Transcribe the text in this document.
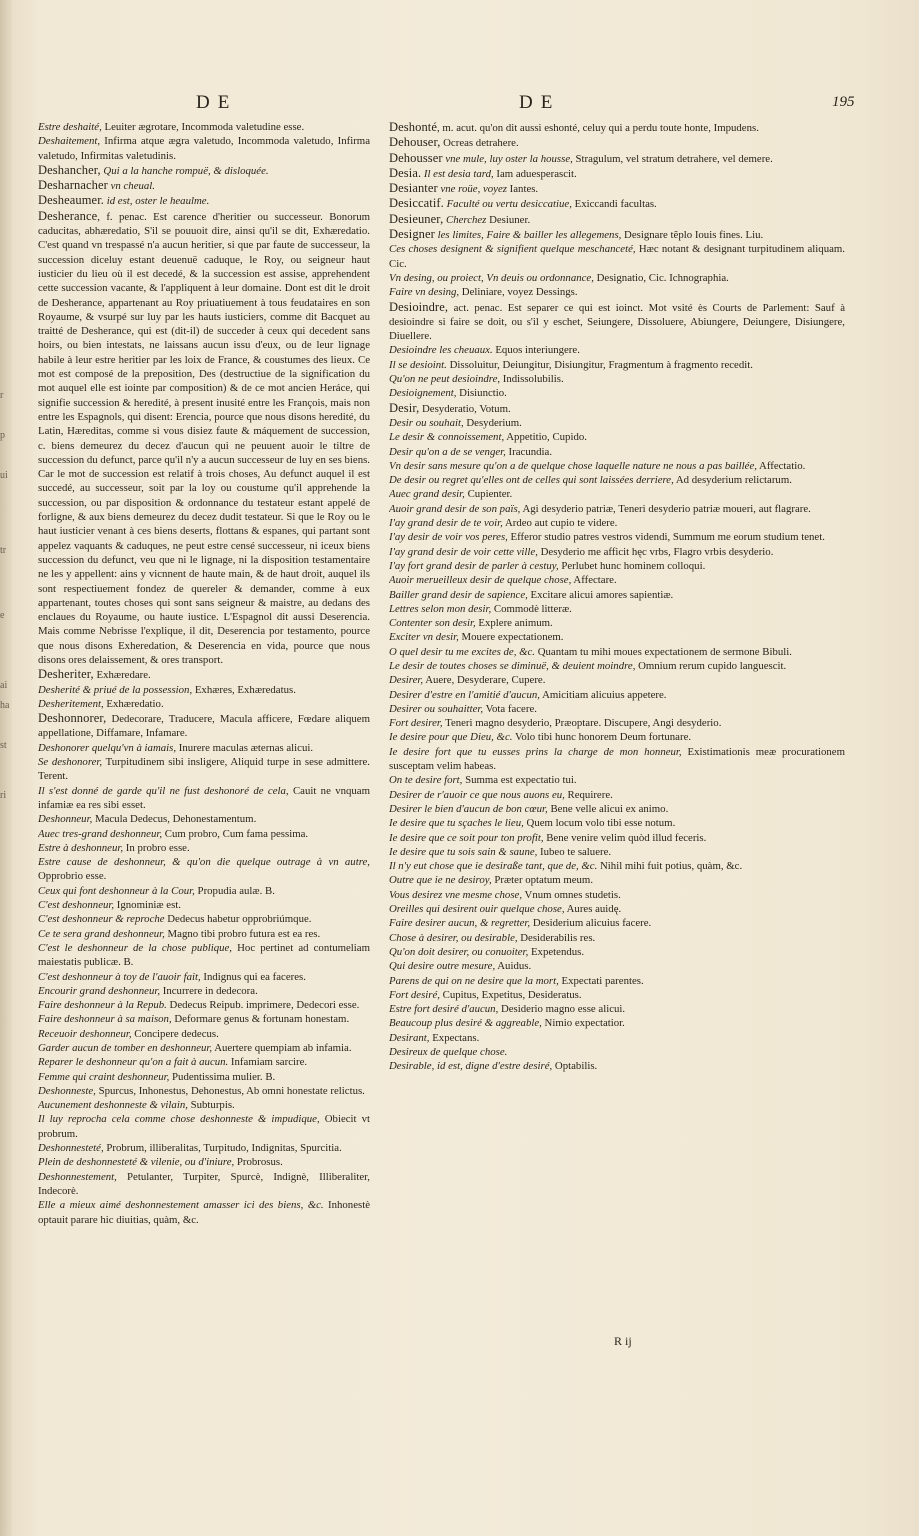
r
p
ui
tr
e
ai
ha
st
ri
DE	DE	195

Estre deshaité, Leuiter ægrotare, Incommoda valetudine esse.

Deshaitement, Infirma atque ægra valetudo, Incommoda valetudo, Infirma valetudo, Infirmitas valetudinis.

Deshancher, Qui a la hanche rompuë, & disloquée.

Desharnacher vn cheual.

Desheaumer. id est, oster le heaulme.

Desherance, f. penac. Est carence d'heritier ou successeur. Bonorum caducitas, abhæredatio, S'il se pouuoit dire, ainsi qu'il se dit, Exhæredatio. C'est quand vn trespassé n'a aucun heritier, si que par faute de successeur, la succession diceluy estant deuenuë caduque, le Roy, ou seigneur haut iusticier du lieu où il est decedé, & la succession est assise, apprehendent cette succession vacante, & l'appliquent à leur domaine. Dont est dit le droit de Desherance, appartenant au Roy priuatiuement à tous feudataires en son Royaume, & vsurpé sur luy par les hauts iusticiers, comme dit Bacquet au traitté de Desherance, qui est (dit-il) de succeder à ceux qui decedent sans hoirs, ou bien intestats, ne laissans aucun issu d'eux, ou de leur lignage habile à leur estre heritier par les loix de France, & coustumes des lieux. Ce mot est composé de la preposition, Des (destructiue de la signification du mot auquel elle est iointe par composition) & de ce mot ancien Heráce, qui signifie succession & heredité, à present inusité entre les François, mais non entre les Espagnols, qui disent: Erencia, pource que nous disons heredité, du Latin, Hæreditas, comme si vous disiez faute & máquement de succession, c. biens demeurez du decez d'aucun qui ne peuuent auoir le tiltre de succession du defunct, parce qu'il n'y a aucun successeur de luy en ses biens. Car le mot de succession est relatif à trois choses, Au defunct auquel il est succedé, au successeur, soit par la loy ou coustume qu'il apprehende la succession, ou par disposition & ordonnance du testateur estant appelé de forligne, & aux biens demeurez du decez dudit testateur. Si que le Roy ou le haut iusticier venant à ces biens deserts, flottans & espanes, qui partant sont appelez vaquants & caduques, ne peut estre censé successeur, ni iceux biens succession du defunct, veu que ni le lignage, ni la disposition testamentaire ne les y appellent: ains y vicnnent de haute main, & de haut droit, auquel ils sont respectiuement fondez de quereler & demander, comme à eux appartenant, toutes choses qui sont sans seigneur & maistre, au dedans des enclaues du Royaume, ou haute iustice. L'Espagnol dit aussi Deserencia. Mais comme Nebrisse l'explique, il dit, Deserencia por testamento, pource que nous disons Exheredation, & Deserencia en vida, pource que nous disons ores delaissement, & ores transport.

Desheriter, Exhæredare.

Desherité & priué de la possession, Exhæres, Exhæredatus.

Desheritement, Exhæredatio.

Deshonnorer, Dedecorare, Traducere, Macula afficere, Fœdare aliquem appellatione, Diffamare, Infamare.

Deshonorer quelqu'vn à iamais, Inurere maculas æternas alicui.

Se deshonorer, Turpitudinem sibi insligere, Aliquid turpe in sese admittere. Terent.

Il s'est donné de garde qu'il ne fust deshonoré de cela, Cauit ne vnquam infamiæ ea res sibi esset.

Deshonneur, Macula Dedecus, Dehonestamentum.

Auec tres-grand deshonneur, Cum probro, Cum fama pessima.

Estre à deshonneur, In probro esse.

Estre cause de deshonneur, & qu'on die quelque outrage à vn autre, Opprobrio esse.

Ceux qui font deshonneur à la Cour, Propudia aulæ. B.

C'est deshonneur, Ignominiæ est.

C'est deshonneur & reproche Dedecus habetur opprobriúmque.

Ce te sera grand deshonneur, Magno tibi probro futura est ea res.

C'est le deshonneur de la chose publique, Hoc pertinet ad contumeliam maiestatis publicæ. B.

C'est deshonneur à toy de l'auoir fait, Indignus qui ea faceres.

Encourir grand deshonneur, Incurrere in dedecora.

Faire deshonneur à la Repub. Dedecus Reipub. imprimere, Dedecori esse.

Faire deshonneur à sa maison, Deformare genus & fortunam honestam.

Receuoir deshonneur, Concipere dedecus.

Garder aucun de tomber en deshonneur, Auertere quempiam ab infamia.

Reparer le deshonneur qu'on a fait à aucun. Infamiam sarcire.

Femme qui craint deshonneur, Pudentissima mulier. B.

Deshonneste, Spurcus, Inhonestus, Dehonestus, Ab omni honestate relictus.

Aucunement deshonneste & vilain, Subturpis.

Il luy reprocha cela comme chose deshonneste & impudique, Obiecit vt probrum.

Deshonnesteté, Probrum, illiberalitas, Turpitudo, Indignitas, Spurcitia.

Plein de deshonnesteté & vilenie, ou d'iniure, Probrosus.

Deshonnestement, Petulanter, Turpiter, Spurcè, Indignè, Illiberaliter, Indecorè.

Elle a mieux aimé deshonnestement amasser ici des biens, &c. Inhonestè optauit parare hic diuitias, quàm, &c.

Deshonté, m. acut. qu'on dit aussi eshonté, celuy qui a perdu toute honte, Impudens.

Dehouser, Ocreas detrahere.

Dehousser vne mule, luy oster la housse, Stragulum, vel stratum detrahere, vel demere.

Desia. Il est desia tard, Iam aduesperascit.

Desianter vne roüe, voyez Iantes.

Desiccatif. Faculté ou vertu desiccatiue, Exiccandi facultas.

Desieuner, Cherchez Desiuner.

Designer les limites, Faire & bailler les allegemens, Designare tẽplo Iouis fines. Liu.

Ces choses designent & signifient quelque meschanceté, Hæc notant & designant turpitudinem aliquam. Cic.

Vn desing, ou proiect, Vn deuis ou ordonnance, Designatio, Cic. Ichnographia.

Faire vn desing, Deliniare, voyez Dessings.

Desioindre, act. penac. Est separer ce qui est ioinct. Mot vsité ès Courts de Parlement: Sauf à desioindre si faire se doit, ou s'il y eschet, Seiungere, Dissoluere, Abiungere, Deiungere, Disiungere, Diuellere.

Desioindre les cheuaux. Equos interiungere.

Il se desioint. Dissoluitur, Deiungitur, Disiungitur, Fragmentum à fragmento recedit.

Qu'on ne peut desioindre, Indissolubilis.

Desioignement, Disiunctio.

Desir, Desyderatio, Votum.

Desir ou souhait, Desyderium.

Le desir & connoissement, Appetitio, Cupido.

Desir qu'on a de se venger, Iracundia.

Vn desir sans mesure qu'on a de quelque chose laquelle nature ne nous a pas baillée, Affectatio.

De desir ou regret qu'elles ont de celles qui sont laissées derriere, Ad desyderium relictarum.

Auec grand desir, Cupienter.

Auoir grand desir de son païs, Agi desyderio patriæ, Teneri desyderio patriæ moueri, aut flagrare.

I'ay grand desir de te voir, Ardeo aut cupio te videre.

I'ay desir de voir vos peres, Efferor studio patres vestros videndi, Summum me eorum studium tenet.

I'ay grand desir de voir cette ville, Desyderio me afficit hęc vrbs, Flagro vrbis desyderio.

I'ay fort grand desir de parler à cestuy, Perlubet hunc hominem colloqui.

Auoir merueilleux desir de quelque chose, Affectare.

Bailler grand desir de sapience, Excitare alicui amores sapientiæ.

Lettres selon mon desir, Commodè litteræ.

Contenter son desir, Explere animum.

Exciter vn desir, Mouere expectationem.

O quel desir tu me excites de, &c. Quantam tu mihi moues expectationem de sermone Bibuli.

Le desir de toutes choses se diminuë, & deuient moindre, Omnium rerum cupido languescit.

Desirer, Auere, Desyderare, Cupere.

Desirer d'estre en l'amitié d'aucun, Amicitiam alicuius appetere.

Desirer ou souhaitter, Vota facere.

Fort desirer, Teneri magno desyderio, Præoptare. Discupere, Angi desyderio.

Ie desire pour que Dieu, &c. Volo tibi hunc honorem Deum fortunare.

Ie desire fort que tu eusses prins la charge de mon honneur, Existimationis meæ procurationem susceptam velim habeas.

On te desire fort, Summa est expectatio tui.

Desirer de r'auoir ce que nous auons eu, Requirere.

Desirer le bien d'aucun de bon cœur, Bene velle alicui ex animo.

Ie desire que tu sçaches le lieu, Quem locum volo tibi esse notum.

Ie desire que ce soit pour ton profit, Bene venire velim quòd illud feceris.

Ie desire que tu sois sain & saune, Iubeo te saluere.

Il n'y eut chose que ie desiraße tant, que de, &c. Nihil mihi fuit potius, quàm, &c.

Outre que ie ne desiroy, Præter optatum meum.

Vous desirez vne mesme chose, Vnum omnes studetis.

Oreilles qui desirent ouir quelque chose, Aures auidę.

Faire desirer aucun, & regretter, Desiderium alicuius facere.

Chose à desirer, ou desirable, Desiderabilis res.

Qu'on doit desirer, ou conuoiter, Expetendus.

Qui desire outre mesure, Auidus.

Parens de qui on ne desire que la mort, Expectati parentes.

Fort desiré, Cupitus, Expetitus, Desideratus.

Estre fort desiré d'aucun, Desiderio magno esse alicui.

Beaucoup plus desiré & aggreable, Nimio expectatior.

Desirant, Expectans.

Desireux de quelque chose.

Desirable, id est, digne d'estre desiré, Optabilis.

R ij
